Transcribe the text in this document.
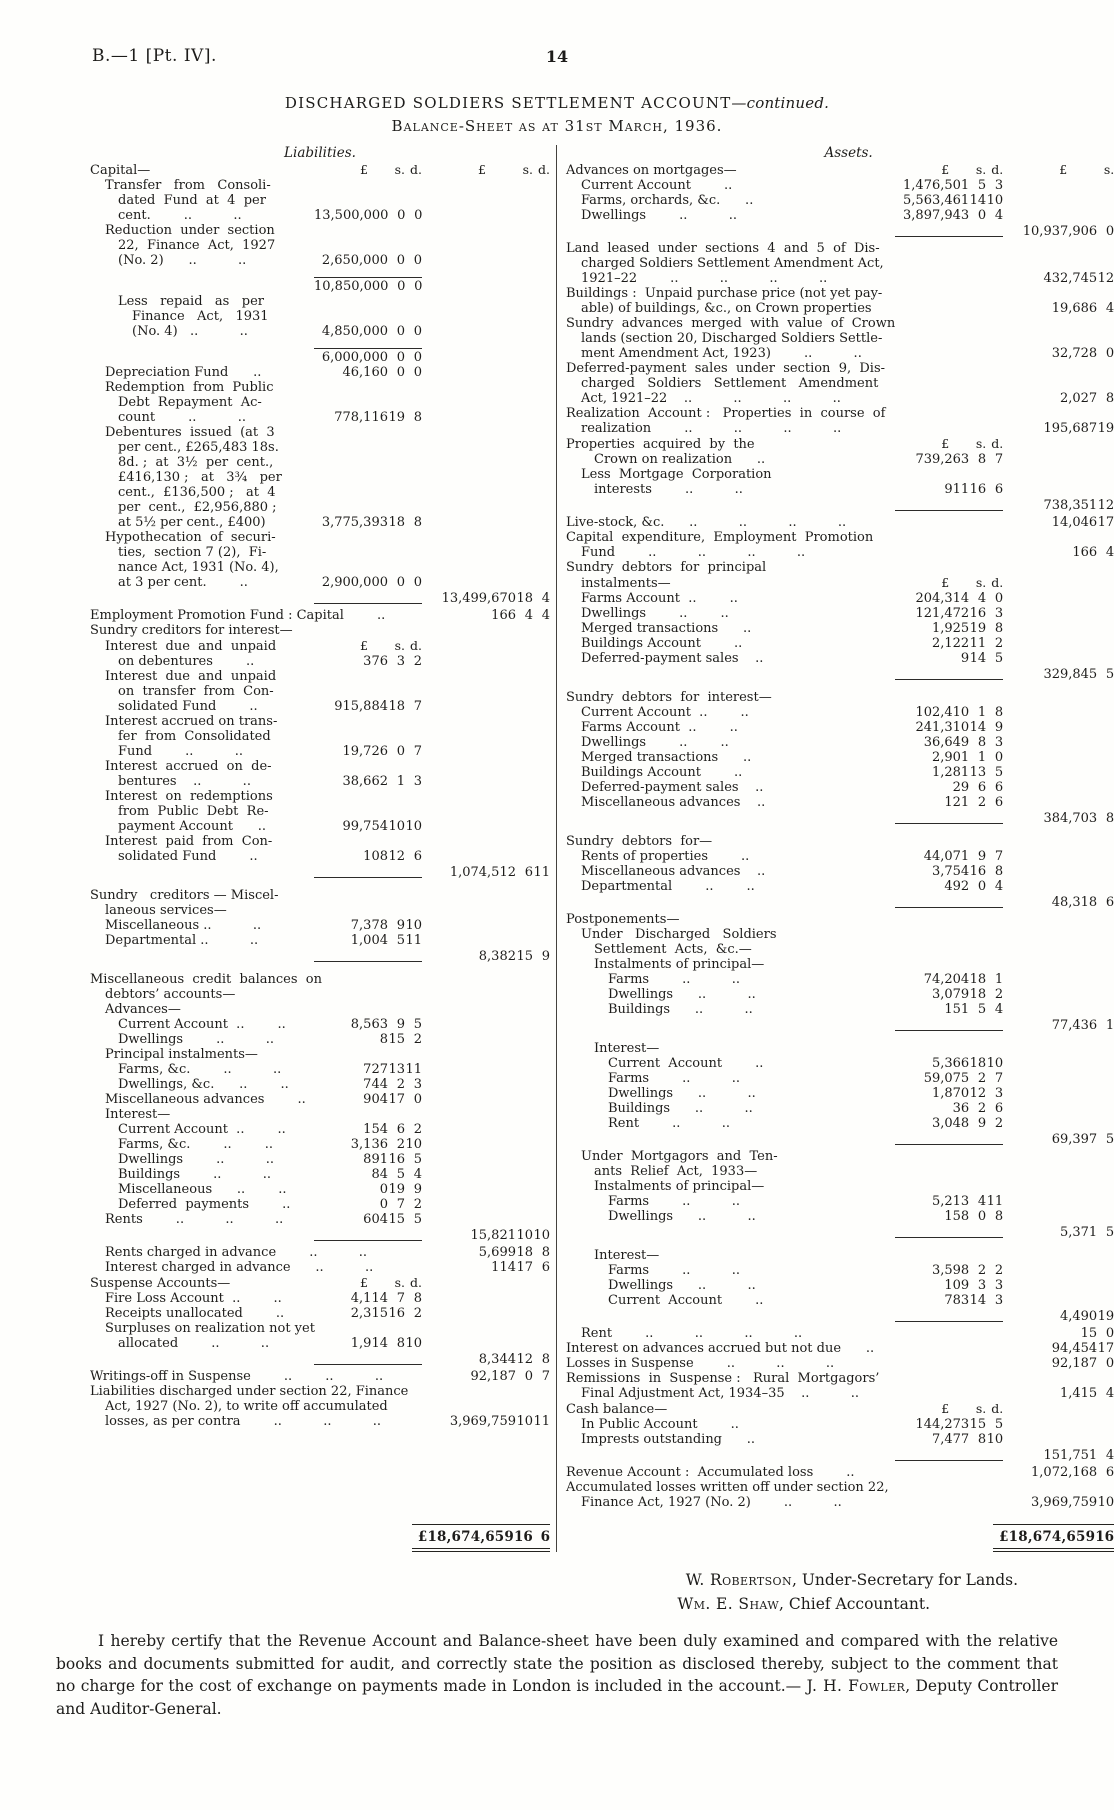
B.—1 [Pt. IV].	14
DISCHARGED SOLDIERS SETTLEMENT ACCOUNT—continued.
Balance-Sheet as at 31st March, 1936.
Liabilities.
Capital—	£	s. d.	£	s. d.
Transfer   from   Consoli-
dated  Fund  at  4  per
cent.        ..          ..	13,500,000 0 0
Reduction  under  section
22,  Finance  Act,  1927
(No. 2)      ..          ..	2,650,000 0 0
10,850,000 0 0
Less   repaid   as   per
Finance   Act,   1931
(No. 4)   ..          ..	4,850,000 0 0
6,000,000 0 0
Depreciation Fund      ..	46,160 0 0
Redemption  from  Public
Debt  Repayment  Ac-
count        ..          ..	778,116 19 8
Debentures  issued  (at  3
per cent., £265,483 18s.
8d. ;  at  3½  per  cent.,
£416,130 ;   at   3¾   per
cent.,  £136,500 ;   at  4
per  cent.,  £2,956,880 ;
at 5½ per cent., £400)	3,775,393 18 8
Hypothecation  of  securi-
ties,  section 7 (2),  Fi-
nance Act, 1931 (No. 4),
at 3 per cent.        ..	2,900,000 0 0
13,499,670 18 4
Employment Promotion Fund : Capital        ..	166 4 4
Sundry creditors for interest—
Interest  due  and  unpaid	£	s. d.
on debentures        ..	376 3 2
Interest  due  and  unpaid
on  transfer  from  Con-
solidated Fund        ..	915,884 18 7
Interest accrued on trans-
fer  from  Consolidated
Fund        ..          ..	19,726 0 7
Interest  accrued  on  de-
bentures    ..          ..	38,662 1 3
Interest  on  redemptions
from  Public  Debt  Re-
payment Account      ..	99,754 10 10
Interest  paid  from  Con-
solidated Fund        ..	108 12 6
1,074,512 6 11
Sundry   creditors — Miscel-
laneous services—
Miscellaneous ..          ..	7,378 9 10
Departmental ..          ..	1,004 5 11
8,382 15 9
Miscellaneous  credit  balances  on
debtors’ accounts—
Advances—
Current Account  ..        ..	8,563 9 5
Dwellings        ..          ..	8 15 2
Principal instalments—
Farms, &c.        ..          ..	727 13 11
Dwellings, &c.      ..        ..	744 2 3
Miscellaneous advances        ..	904 17 0
Interest—
Current Account  ..        ..	154 6 2
Farms, &c.        ..        ..	3,136 2 10
Dwellings        ..          ..	891 16 5
Buildings        ..          ..	84 5 4
Miscellaneous      ..        ..	0 19 9
Deferred  payments        ..	0 7 2
Rents        ..          ..          ..	604 15 5
15,821 10 10
Rents charged in advance        ..          ..	5,699 18 8
Interest charged in advance      ..          ..	114 17 6
Suspense Accounts—	£	s. d.
Fire Loss Account  ..        ..	4,114 7 8
Receipts unallocated        ..	2,315 16 2
Surpluses on realization not yet
allocated        ..          ..	1,914 8 10
8,344 12 8
Writings-off in Suspense        ..        ..          ..	92,187 0 7
Liabilities discharged under section 22, Finance
Act, 1927 (No. 2), to write off accumulated
losses, as per contra        ..          ..          ..	3,969,759 10 11
£18,674,659 16 6
Assets.
Advances on mortgages—	£	s. d.	£	s.
Current Account        ..	1,476,501 5 3
Farms, orchards, &c.      ..	5,563,461 14 10
Dwellings        ..          ..	3,897,943 0 4
10,937,906 0
Land  leased  under  sections  4  and  5  of  Dis-
charged Soldiers Settlement Amendment Act,
1921–22        ..          ..          ..          ..	432,745 12
Buildings :  Unpaid purchase price (not yet pay-
able) of buildings, &c., on Crown properties	19,686 4
Sundry  advances  merged  with  value  of  Crown
lands (section 20, Discharged Soldiers Settle-
ment Amendment Act, 1923)        ..          ..	32,728 0
Deferred-payment  sales  under  section  9,  Dis-
charged   Soldiers   Settlement   Amendment
Act, 1921–22    ..          ..          ..          ..	2,027 8
Realization  Account :   Properties  in  course  of
realization        ..          ..          ..          ..	195,687 19
Properties  acquired  by  the	£	s. d.
Crown on realization      ..	739,263 8 7
Less  Mortgage  Corporation
interests        ..          ..	911 16 6
738,351 12
Live-stock, &c.      ..          ..          ..          ..	14,046 17
Capital  expenditure,  Employment  Promotion
Fund        ..          ..          ..          ..	166 4
Sundry  debtors  for  principal
instalments—	£	s. d.
Farms Account  ..        ..	204,314 4 0
Dwellings        ..        ..	121,472 16 3
Merged transactions      ..	1,925 19 8
Buildings Account        ..	2,122 11 2
Deferred-payment sales    ..	9 14 5
329,845 5
Sundry  debtors  for  interest—
Current Account  ..        ..	102,410 1 8
Farms Account  ..        ..	241,310 14 9
Dwellings        ..        ..	36,649 8 3
Merged transactions      ..	2,901 1 0
Buildings Account        ..	1,281 13 5
Deferred-payment sales    ..	29 6 6
Miscellaneous advances    ..	121 2 6
384,703 8
Sundry  debtors  for—
Rents of properties        ..	44,071 9 7
Miscellaneous advances    ..	3,754 16 8
Departmental        ..        ..	492 0 4
48,318 6
Postponements—
Under   Discharged   Soldiers
Settlement  Acts,  &c.—
Instalments of principal—
Farms        ..          ..	74,204 18 1
Dwellings      ..          ..	3,079 18 2
Buildings      ..          ..	151 5 4
77,436 1
Interest—
Current  Account        ..	5,366 18 10
Farms        ..          ..	59,075 2 7
Dwellings      ..          ..	1,870 12 3
Buildings      ..          ..	36 2 6
Rent        ..          ..	3,048 9 2
69,397 5
Under  Mortgagors  and  Ten-
ants  Relief  Act,  1933—
Instalments of principal—
Farms        ..          ..	5,213 4 11
Dwellings      ..          ..	158 0 8
5,371 5
Interest—
Farms        ..          ..	3,598 2 2
Dwellings      ..          ..	109 3 3
Current  Account        ..	783 14 3
4,490 19
Rent        ..          ..          ..          ..	15 0
Interest on advances accrued but not due      ..	94,454 17
Losses in Suspense        ..          ..          ..	92,187 0
Remissions  in  Suspense :   Rural  Mortgagors’
Final Adjustment Act, 1934–35    ..          ..	1,415 4
Cash balance—	£	s. d.
In Public Account        ..	144,273 15 5
Imprests outstanding      ..	7,477 8 10
151,751 4
Revenue Account :  Accumulated loss        ..	1,072,168 6
Accumulated losses written off under section 22,
Finance Act, 1927 (No. 2)        ..          ..	3,969,759 10
£18,674,659 16
W. Robertson, Under-Secretary for Lands.
Wm. E. Shaw, Chief Accountant.
I hereby certify that the Revenue Account and Balance-sheet have been duly examined and compared with the relative books and documents submitted for audit, and correctly state the position as disclosed thereby, subject to the comment that no charge for the cost of exchange on payments made in London is included in the account.— J. H. Fowler, Deputy Controller and Auditor-General.
